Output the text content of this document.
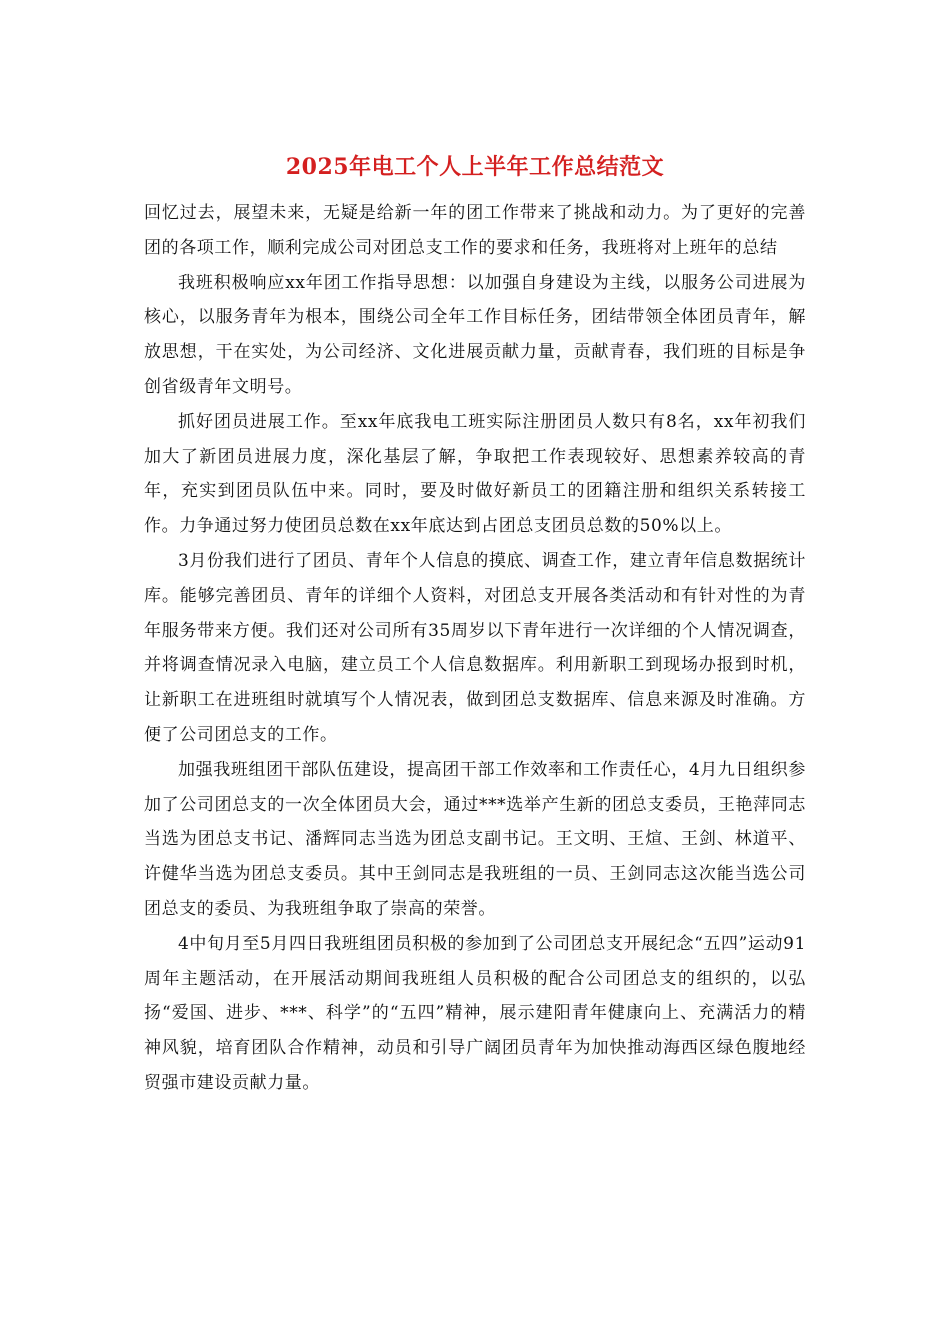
2025年电工个人上半年工作总结范文

回忆过去，展望未来，无疑是给新一年的团工作带来了挑战和动力。为了更好的完善团的各项工作，顺利完成公司对团总支工作的要求和任务，我班将对上班年的总结

我班积极响应xx年团工作指导思想：以加强自身建设为主线，以服务公司进展为核心，以服务青年为根本，围绕公司全年工作目标任务，团结带领全体团员青年，解放思想，干在实处，为公司经济、文化进展贡献力量，贡献青春，我们班的目标是争创省级青年文明号。

抓好团员进展工作。至xx年底我电工班实际注册团员人数只有8名，xx年初我们加大了新团员进展力度，深化基层了解，争取把工作表现较好、思想素养较高的青年，充实到团员队伍中来。同时，要及时做好新员工的团籍注册和组织关系转接工作。力争通过努力使团员总数在xx年底达到占团总支团员总数的50%以上。

3月份我们进行了团员、青年个人信息的摸底、调查工作，建立青年信息数据统计库。能够完善团员、青年的详细个人资料，对团总支开展各类活动和有针对性的为青年服务带来方便。我们还对公司所有35周岁以下青年进行一次详细的个人情况调查，并将调查情况录入电脑，建立员工个人信息数据库。利用新职工到现场办报到时机，让新职工在进班组时就填写个人情况表，做到团总支数据库、信息来源及时准确。方便了公司团总支的工作。

加强我班组团干部队伍建设，提高团干部工作效率和工作责任心，4月九日组织参加了公司团总支的一次全体团员大会，通过***选举产生新的团总支委员，王艳萍同志当选为团总支书记、潘辉同志当选为团总支副书记。王文明、王煊、王剑、林道平、许健华当选为团总支委员。其中王剑同志是我班组的一员、王剑同志这次能当选公司团总支的委员、为我班组争取了崇高的荣誉。

4中旬月至5月四日我班组团员积极的参加到了公司团总支开展纪念“五四”运动91周年主题活动，在开展活动期间我班组人员积极的配合公司团总支的组织的，以弘扬“爱国、进步、***、科学”的“五四”精神，展示建阳青年健康向上、充满活力的精神风貌，培育团队合作精神，动员和引导广阔团员青年为加快推动海西区绿色腹地经贸强市建设贡献力量。
